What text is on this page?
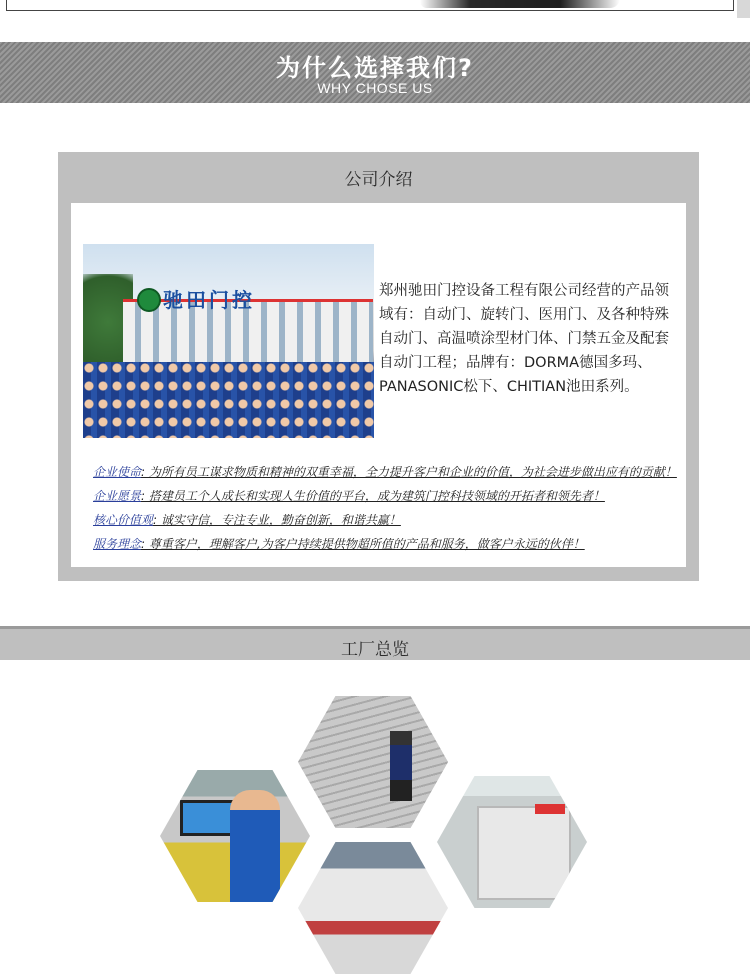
为什么选择我们?
WHY CHOSE US
公司介绍
驰田门控	郑州驰田门控设备工程有限公司经营的产品领域有：自动门、旋转门、医用门、及各种特殊自动门、高温喷涂型材门体、门禁五金及配套自动门工程；品牌有：DORMA德国多玛、PANASONIC松下、CHITIAN池田系列。
企业使命: 为所有员工谋求物质和精神的双重幸福，全力提升客户和企业的价值，为社会进步做出应有的贡献！
企业愿景: 搭建员工个人成长和实现人生价值的平台，成为建筑门控科技领域的开拓者和领先者！
核心价值观: 诚实守信，专注专业，勤奋创新，和谐共赢！
服务理念: 尊重客户，理解客户,为客户持续提供物超所值的产品和服务，做客户永远的伙伴！
工厂总览
